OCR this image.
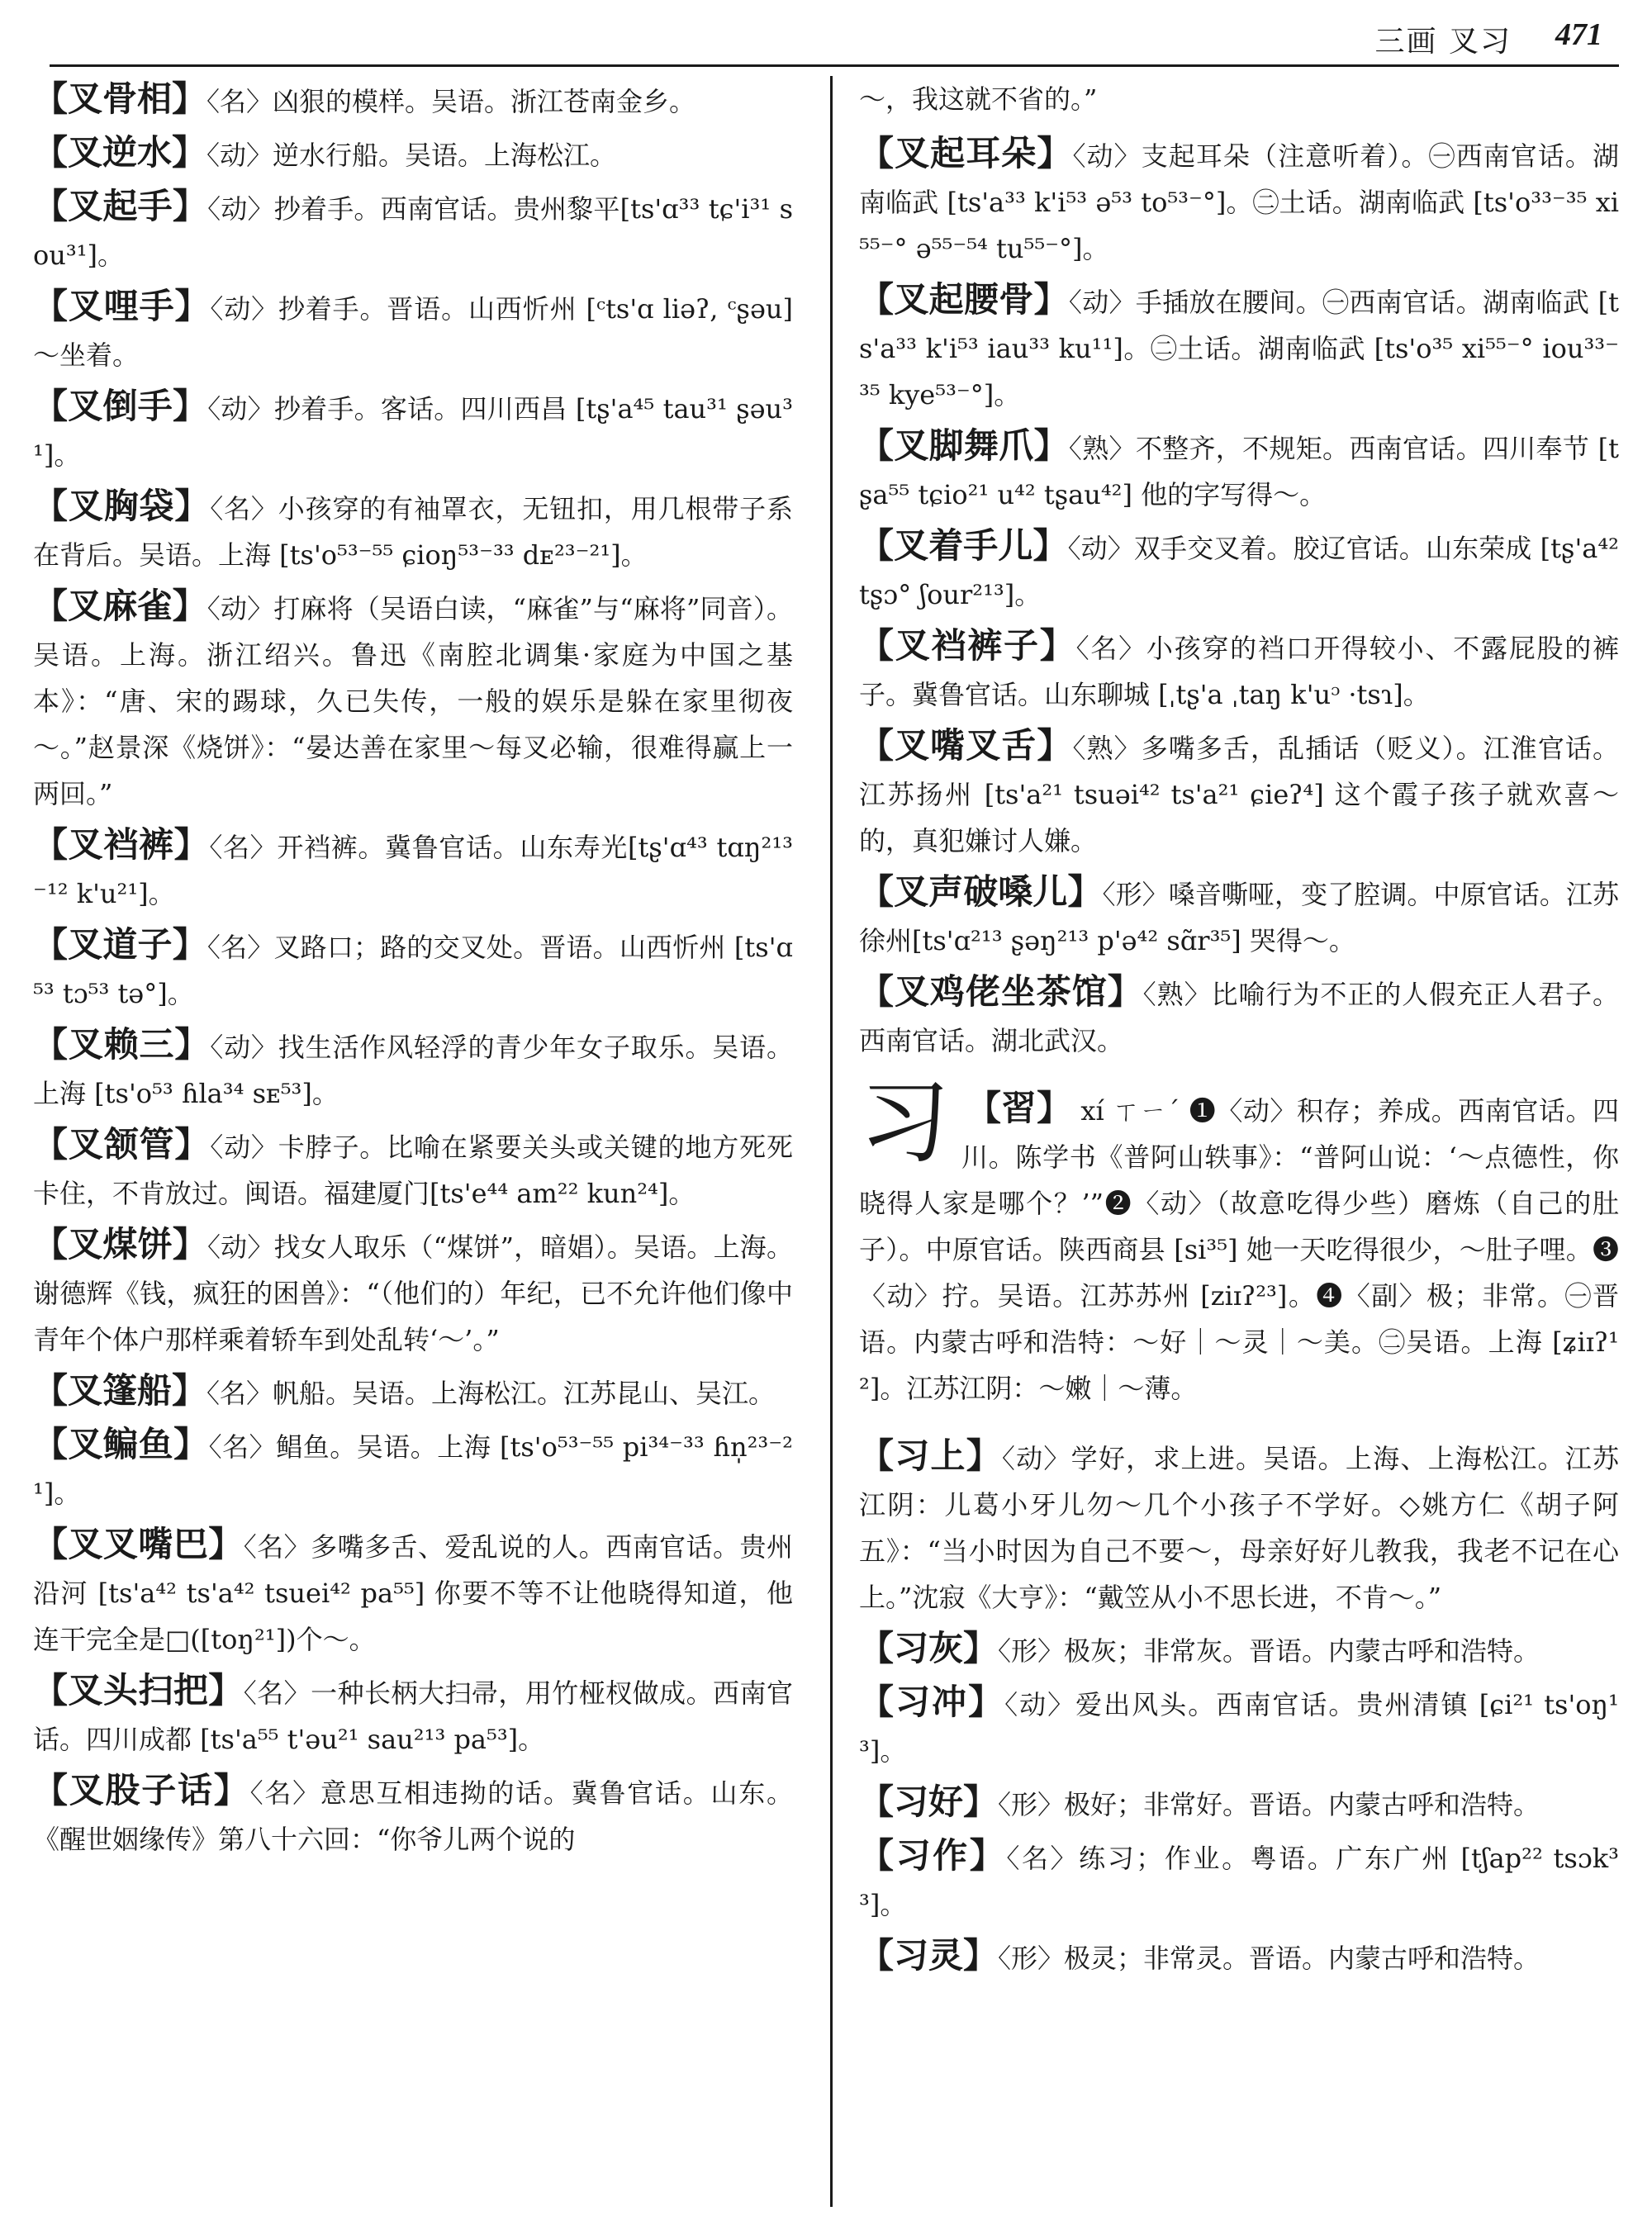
三画 叉习 471
【叉骨相】〈名〉凶狠的模样。吴语。浙江苍南金乡。
【叉逆水】〈动〉逆水行船。吴语。上海松江。
【叉起手】〈动〉抄着手。西南官话。贵州黎平[ts'ɑ³³ tɕ'i³¹ sou³¹]。
【叉哩手】〈动〉抄着手。晋语。山西忻州 [ᶜts'ɑ liəʔ, ᶜʂəu] ～坐着。
【叉倒手】〈动〉抄着手。客话。四川西昌 [tʂ'a⁴⁵ tau³¹ ʂəu³¹]。
【叉胸袋】〈名〉小孩穿的有袖罩衣，无钮扣，用几根带子系在背后。吴语。上海 [ts'o⁵³⁻⁵⁵ ɕioŋ⁵³⁻³³ dᴇ²³⁻²¹]。
【叉麻雀】〈动〉打麻将（吴语白读，“麻雀”与“麻将”同音）。吴语。上海。浙江绍兴。鲁迅《南腔北调集·家庭为中国之基本》：“唐、宋的踢球，久已失传，一般的娱乐是躲在家里彻夜～。”赵景深《烧饼》：“晏达善在家里～每叉必输，很难得赢上一两回。”
【叉裆裤】〈名〉开裆裤。冀鲁官话。山东寿光[tʂ'ɑ⁴³ tɑŋ²¹³⁻¹² k'u²¹]。
【叉道子】〈名〉叉路口；路的交叉处。晋语。山西忻州 [ts'ɑ⁵³ tɔ⁵³ tə°]。
【叉赖三】〈动〉找生活作风轻浮的青少年女子取乐。吴语。上海 [ts'o⁵³ ɦla³⁴ sᴇ⁵³]。
【叉颔管】〈动〉卡脖子。比喻在紧要关头或关键的地方死死卡住，不肯放过。闽语。福建厦门[ts'e⁴⁴ am²² kun²⁴]。
【叉煤饼】〈动〉找女人取乐（“煤饼”，暗娼）。吴语。上海。谢德辉《钱，疯狂的困兽》：“（他们的）年纪，已不允许他们像中青年个体户那样乘着轿车到处乱转‘～’。”
【叉篷船】〈名〉帆船。吴语。上海松江。江苏昆山、吴江。
【叉鳊鱼】〈名〉鲳鱼。吴语。上海 [ts'o⁵³⁻⁵⁵ pi³⁴⁻³³ ɦn̩²³⁻²¹]。
【叉叉嘴巴】〈名〉多嘴多舌、爱乱说的人。西南官话。贵州沿河 [ts'a⁴² ts'a⁴² tsuei⁴² pa⁵⁵] 你要不等不让他晓得知道，他连干完全是□([toŋ²¹])个～。
【叉头扫把】〈名〉一种长柄大扫帚，用竹桠杈做成。西南官话。四川成都 [ts'a⁵⁵ t'əu²¹ sau²¹³ pa⁵³]。
【叉股子话】〈名〉意思互相违拗的话。冀鲁官话。山东。《醒世姻缘传》第八十六回：“你爷儿两个说的
～，我这就不省的。”
【叉起耳朵】〈动〉支起耳朵（注意听着）。㊀西南官话。湖南临武 [ts'a³³ k'i⁵³ ə⁵³ to⁵³⁻°]。㊁土话。湖南临武 [ts'o³³⁻³⁵ xi⁵⁵⁻° ə⁵⁵⁻⁵⁴ tu⁵⁵⁻°]。
【叉起腰骨】〈动〉手插放在腰间。㊀西南官话。湖南临武 [ts'a³³ k'i⁵³ iau³³ ku¹¹]。㊁土话。湖南临武 [ts'o³⁵ xi⁵⁵⁻° iou³³⁻³⁵ kye⁵³⁻°]。
【叉脚舞爪】〈熟〉不整齐，不规矩。西南官话。四川奉节 [tʂa⁵⁵ tɕio²¹ u⁴² tʂau⁴²] 他的字写得～。
【叉着手儿】〈动〉双手交叉着。胶辽官话。山东荣成 [tʂ'a⁴² tʂɔ° ʃour²¹³]。
【叉裆裤子】〈名〉小孩穿的裆口开得较小、不露屁股的裤子。冀鲁官话。山东聊城 [ˌtʂ'a ˌtaŋ k'uᵓ ·tsɿ]。
【叉嘴叉舌】〈熟〉多嘴多舌，乱插话（贬义）。江淮官话。江苏扬州 [ts'a²¹ tsuəi⁴² ts'a²¹ ɕieʔ⁴] 这个霞子孩子就欢喜～的，真犯嫌讨人嫌。
【叉声破嗓儿】〈形〉嗓音嘶哑，变了腔调。中原官话。江苏徐州[ts'ɑ²¹³ ʂəŋ²¹³ p'ə⁴² sɑ̃r³⁵] 哭得～。
【叉鸡佬坐茶馆】〈熟〉比喻行为不正的人假充正人君子。西南官话。湖北武汉。
习 【習】 xí ㄒㄧˊ ❶〈动〉积存；养成。西南官话。四川。陈学书《普阿山轶事》：“普阿山说：‘～点德性，你晓得人家是哪个？’”❷〈动〉（故意吃得少些）磨炼（自己的肚子）。中原官话。陕西商县 [si³⁵] 她一天吃得很少，～肚子哩。❸〈动〉拧。吴语。江苏苏州 [ziɪʔ²³]。❹〈副〉极；非常。㊀晋语。内蒙古呼和浩特：～好｜～灵｜～美。㊁吴语。上海 [ʑiɪʔ¹²]。江苏江阴：～嫩｜～薄。
【习上】〈动〉学好，求上进。吴语。上海、上海松江。江苏江阴：儿葛小牙儿勿～几个小孩子不学好。◇姚方仁《胡子阿五》：“当小时因为自己不要～，母亲好好儿教我，我老不记在心上。”沈寂《大亨》：“戴笠从小不思长进，不肯～。”
【习灰】〈形〉极灰；非常灰。晋语。内蒙古呼和浩特。
【习冲】〈动〉爱出风头。西南官话。贵州清镇 [ɕi²¹ ts'oŋ¹³]。
【习好】〈形〉极好；非常好。晋语。内蒙古呼和浩特。
【习作】〈名〉练习；作业。粤语。广东广州 [tʃap²² tsɔk³³]。
【习灵】〈形〉极灵；非常灵。晋语。内蒙古呼和浩特。
